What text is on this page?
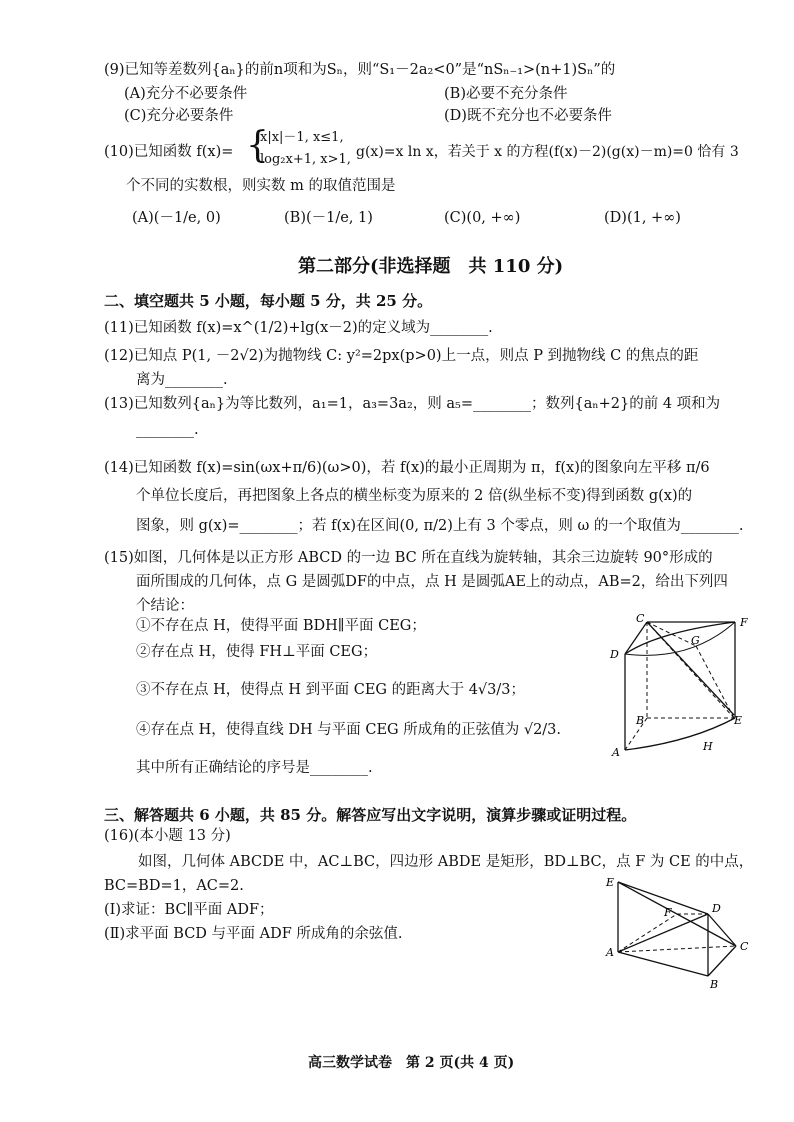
(9)已知等差数列{aₙ}的前n项和为Sₙ，则“S₁－2a₂<0”是“nSₙ₋₁>(n+1)Sₙ”的
(A)充分不必要条件	(B)必要不充分条件
(C)充分必要条件	(D)既不充分也不必要条件
(10)已知函数 f(x)= {
x|x|－1, x≤1,
log₂x+1, x>1, g(x)=x ln x，若关于 x 的方程(f(x)－2)(g(x)－m)=0 恰有 3
个不同的实数根，则实数 m 的取值范围是
(A)(－1/e, 0)	(B)(－1/e, 1)	(C)(0, +∞)	(D)(1, +∞)
第二部分(非选择题　共 110 分)
二、填空题共 5 小题，每小题 5 分，共 25 分。
(11)已知函数 f(x)=x^(1/2)+lg(x－2)的定义域为________.
(12)已知点 P(1, －2√2)为抛物线 C: y²=2px(p>0)上一点，则点 P 到抛物线 C 的焦点的距
离为________.
(13)已知数列{aₙ}为等比数列，a₁=1，a₃=3a₂，则 a₅=________；数列{aₙ+2}的前 4 项和为
________.
(14)已知函数 f(x)=sin(ωx+π/6)(ω>0)，若 f(x)的最小正周期为 π，f(x)的图象向左平移 π/6
个单位长度后，再把图象上各点的横坐标变为原来的 2 倍(纵坐标不变)得到函数 g(x)的
图象，则 g(x)=________；若 f(x)在区间(0, π/2)上有 3 个零点，则 ω 的一个取值为________.
(15)如图，几何体是以正方形 ABCD 的一边 BC 所在直线为旋转轴，其余三边旋转 90°形成的
面所围成的几何体，点 G 是圆弧DF的中点，点 H 是圆弧AE上的动点，AB=2，给出下列四
个结论：
①不存在点 H，使得平面 BDH∥平面 CEG；
②存在点 H，使得 FH⊥平面 CEG；
③不存在点 H，使得点 H 到平面 CEG 的距离大于 4√3/3；
④存在点 H，使得直线 DH 与平面 CEG 所成角的正弦值为 √2/3.
其中所有正确结论的序号是________.
C	F
G
D
B	E
A	H
三、解答题共 6 小题，共 85 分。解答应写出文字说明，演算步骤或证明过程。
(16)(本小题 13 分)
如图，几何体 ABCDE 中，AC⊥BC，四边形 ABDE 是矩形，BD⊥BC，点 F 为 CE 的中点，
BC=BD=1，AC=2.
(Ⅰ)求证：BC∥平面 ADF；
(Ⅱ)求平面 BCD 与平面 ADF 所成角的余弦值.
E
F	D
A	C
B
高三数学试卷　第 2 页(共 4 页)
